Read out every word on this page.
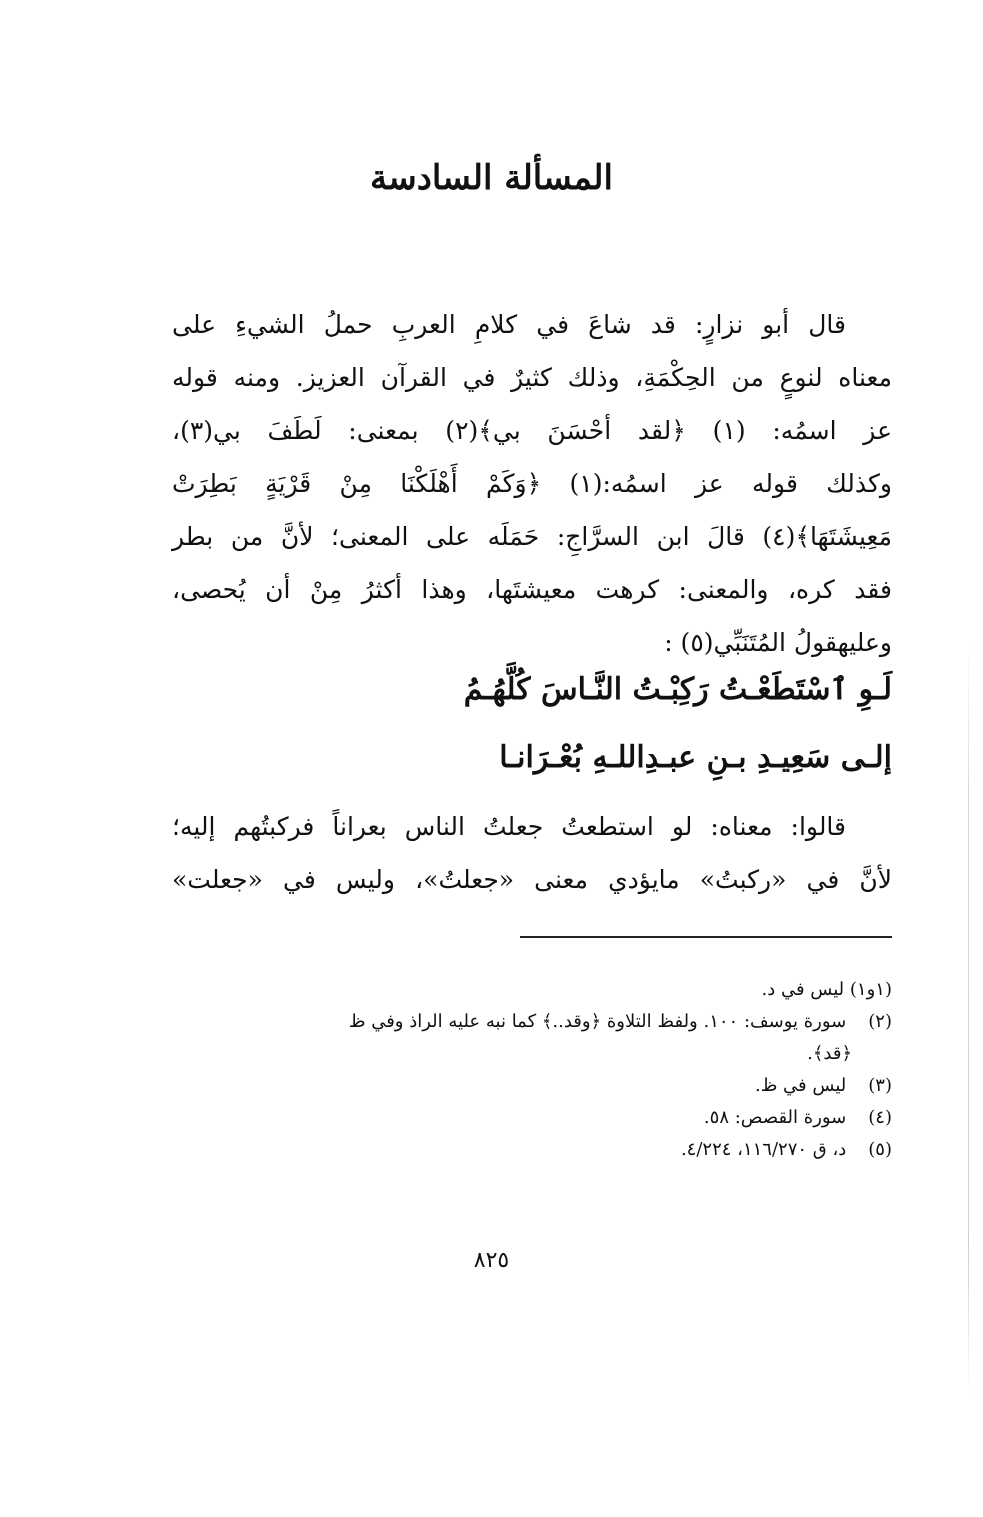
المسألة السادسة
قال أبو نزارٍ: قد شاعَ في كلامِ العربِ حملُ الشيءِ على
معناه لنوعٍ من الحِكْمَةِ، وذلك كثيرٌ في القرآن العزيز. ومنه قوله
عز اسمُه: (١) ﴿لقد أحْسَنَ بي﴾(٢) بمعنى: لَطَفَ بي(٣)،
وكذلك قوله عز اسمُه:(١) ﴿وَكَمْ أَهْلَكْنَا مِنْ قَرْيَةٍ بَطِرَتْ
مَعِيشَتَهَا﴾(٤) قالَ ابن السرَّاجِ: حَمَلَه على المعنى؛ لأنَّ من بطر
فقد كره، والمعنى: كرهت معيشتَها، وهذا أكثرُ مِنْ أن يُحصى،
وعليهقولُ المُتَنَبِّي(٥) :
لَـوِ ٱسْتَطَعْـتُ رَكِبْـتُ النَّـاسَ كُلَّهُـمُ
إلـى سَعِيـدِ بـنِ عبـدِاللـهِ بُعْـرَانـا
قالوا: معناه: لو استطعتُ جعلتُ الناس بعراناً فركبتُهم إليه؛
لأنَّ في «ركبتُ» مايؤدي معنى «جعلتُ»، وليس في «جعلت»
(١و١) ليس في د.
(٢) سورة يوسف: ١٠٠. ولفظ التلاوة ﴿وقد..﴾ كما نبه عليه الراذ وفي ظ
﴿قد﴾.
(٣) ليس في ظ.
(٤) سورة القصص: ٥٨.
(٥) د، ق ١١٦/٢٧٠، ٤/٢٢٤.
٨٢٥
